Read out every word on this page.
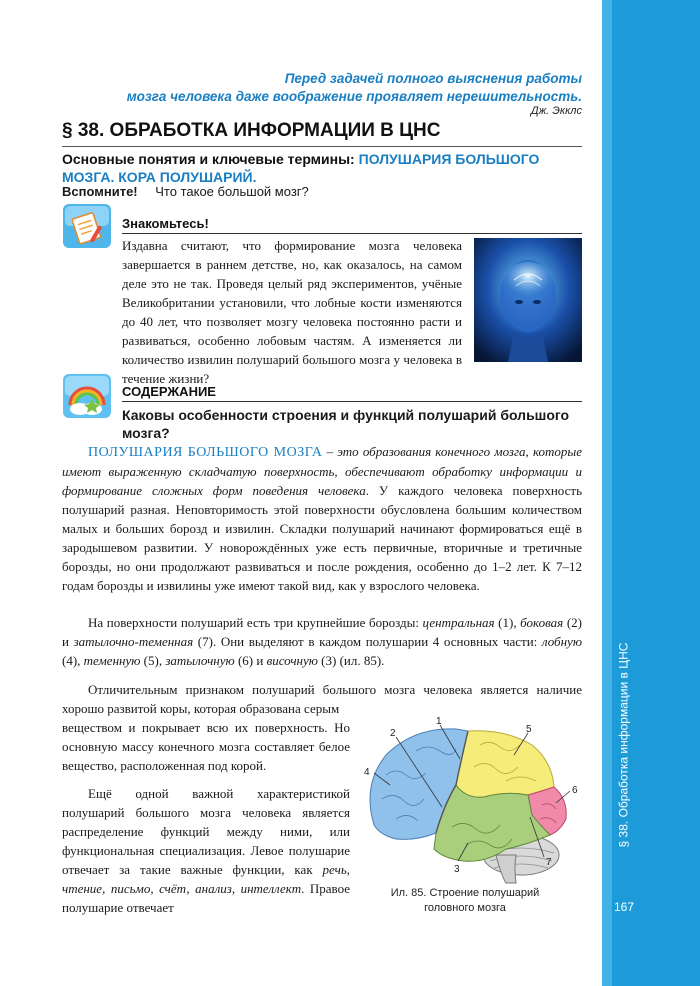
§ 38. Обработка информации в ЦНС
167
Перед задачей полного выяснения работы
мозга человека даже воображение проявляет нерешительность.
Дж. Экклс
§ 38. ОБРАБОТКА ИНФОРМАЦИИ В ЦНС
Основные понятия и ключевые термины: ПОЛУШАРИЯ БОЛЬШОГО МОЗГА. КОРА ПОЛУШАРИЙ.
Вспомните! Что такое большой мозг?
Знакомьтесь!

Издавна считают, что формирование мозга человека завершается в раннем детстве, но, как оказалось, на самом деле это не так. Проведя целый ряд экспериментов, учёные Великобритании установили, что лобные кости изменяются до 40 лет, что позволяет мозгу человека постоянно расти и развиваться, особенно лобовым частям. А изменяется ли количество извилин полушарий большого мозга у человека в течение жизни?

СОДЕРЖАНИЕ
Каковы особенности строения и функций полушарий большого мозга?

ПОЛУШАРИЯ БОЛЬШОГО МОЗГА – это образования конечного мозга, которые имеют выраженную складчатую поверхность, обеспечивают обработку информации и формирование сложных форм поведения человека. У каждого человека поверхность полушарий разная. Неповторимость этой поверхности обусловлена большим количеством малых и больших борозд и извилин. Складки полушарий начинают формироваться ещё в зародышевом развитии. У новорождённых уже есть первичные, вторичные и третичные борозды, но они продолжают развиваться и после рождения, особенно до 1–2 лет. К 7–12 годам борозды и извилины уже имеют такой вид, как у взрослого человека.

На поверхности полушарий есть три крупнейшие борозды: центральная (1), боковая (2) и затылочно-теменная (7). Они выделяют в каждом полушарии 4 основных части: лобную (4), теменную (5), затылочную (6) и височную (3) (ил. 85).

Отличительным признаком полушарий большого мозга человека является наличие хорошо развитой коры, которая образована серым

веществом и покрывает всю их поверхность. Но основную массу конечного мозга составляет белое вещество, расположенная под корой.

Ещё одной важной характеристикой полушарий большого мозга человека является распределение функций между ними, или функциональная специализация. Левое полушарие отвечает за такие важные функции, как речь, чтение, письмо, счёт, анализ, интеллект. Правое полушарие отвечает

1
2
3
4
5
6
7
Ил. 85. Строение полушарий
головного мозга
